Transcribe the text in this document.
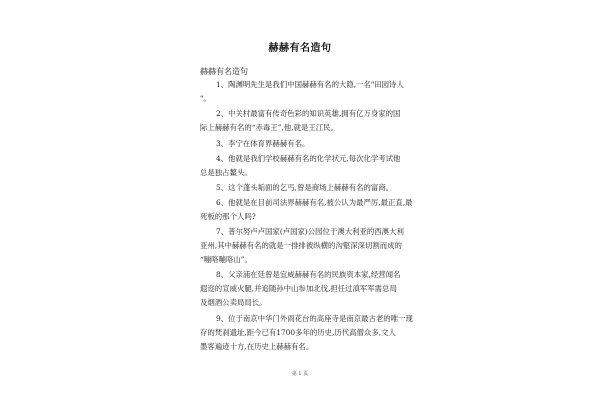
赫赫有名造句
赫赫有名造句
1、陶渊明先生是我们中国赫赫有名的大隐,一名"田园诗人
"。
2、中关村最富有传奇色彩的知识英雄,拥有亿万身家的国
际上赫赫有名的“赤毒王”,他,就是王江民。
3、李宁在体育界赫赫有名。
4、他就是我们学校赫赫有名的化学状元,每次化学考试他
总是独占鳌头。
5、这个蓬头垢面的乞丐,曾是商场上赫赫有名的富商。
6、他就是在目前司法界赫赫有名,被公认为最严厉,最正直,最
死板的那个人吗?
7、普尔努卢卢国家(卢国家)公园位于澳大利亚的西澳大利
亚州,其中赫赫有名的就是一排排被纵横的沟壑深深切割而成的
“嘣咯嘣咯山”。
8、父亲浦在廷曾是宜威赫赫有名的民族资本家,经营闻名
遐迩的宣威火腿,并追随孙中山参加北伐,担任过滇军军需总局
及烟酒公卖局局长。
9、位于南京中华门外雨花台的高座寺是南京最古老的唯一现
存的梵刹遗址,距今已有1700多年的历史,历代高僧众多,文人
墨客遍迹十方,在历史上赫赫有名。
第 1 页
